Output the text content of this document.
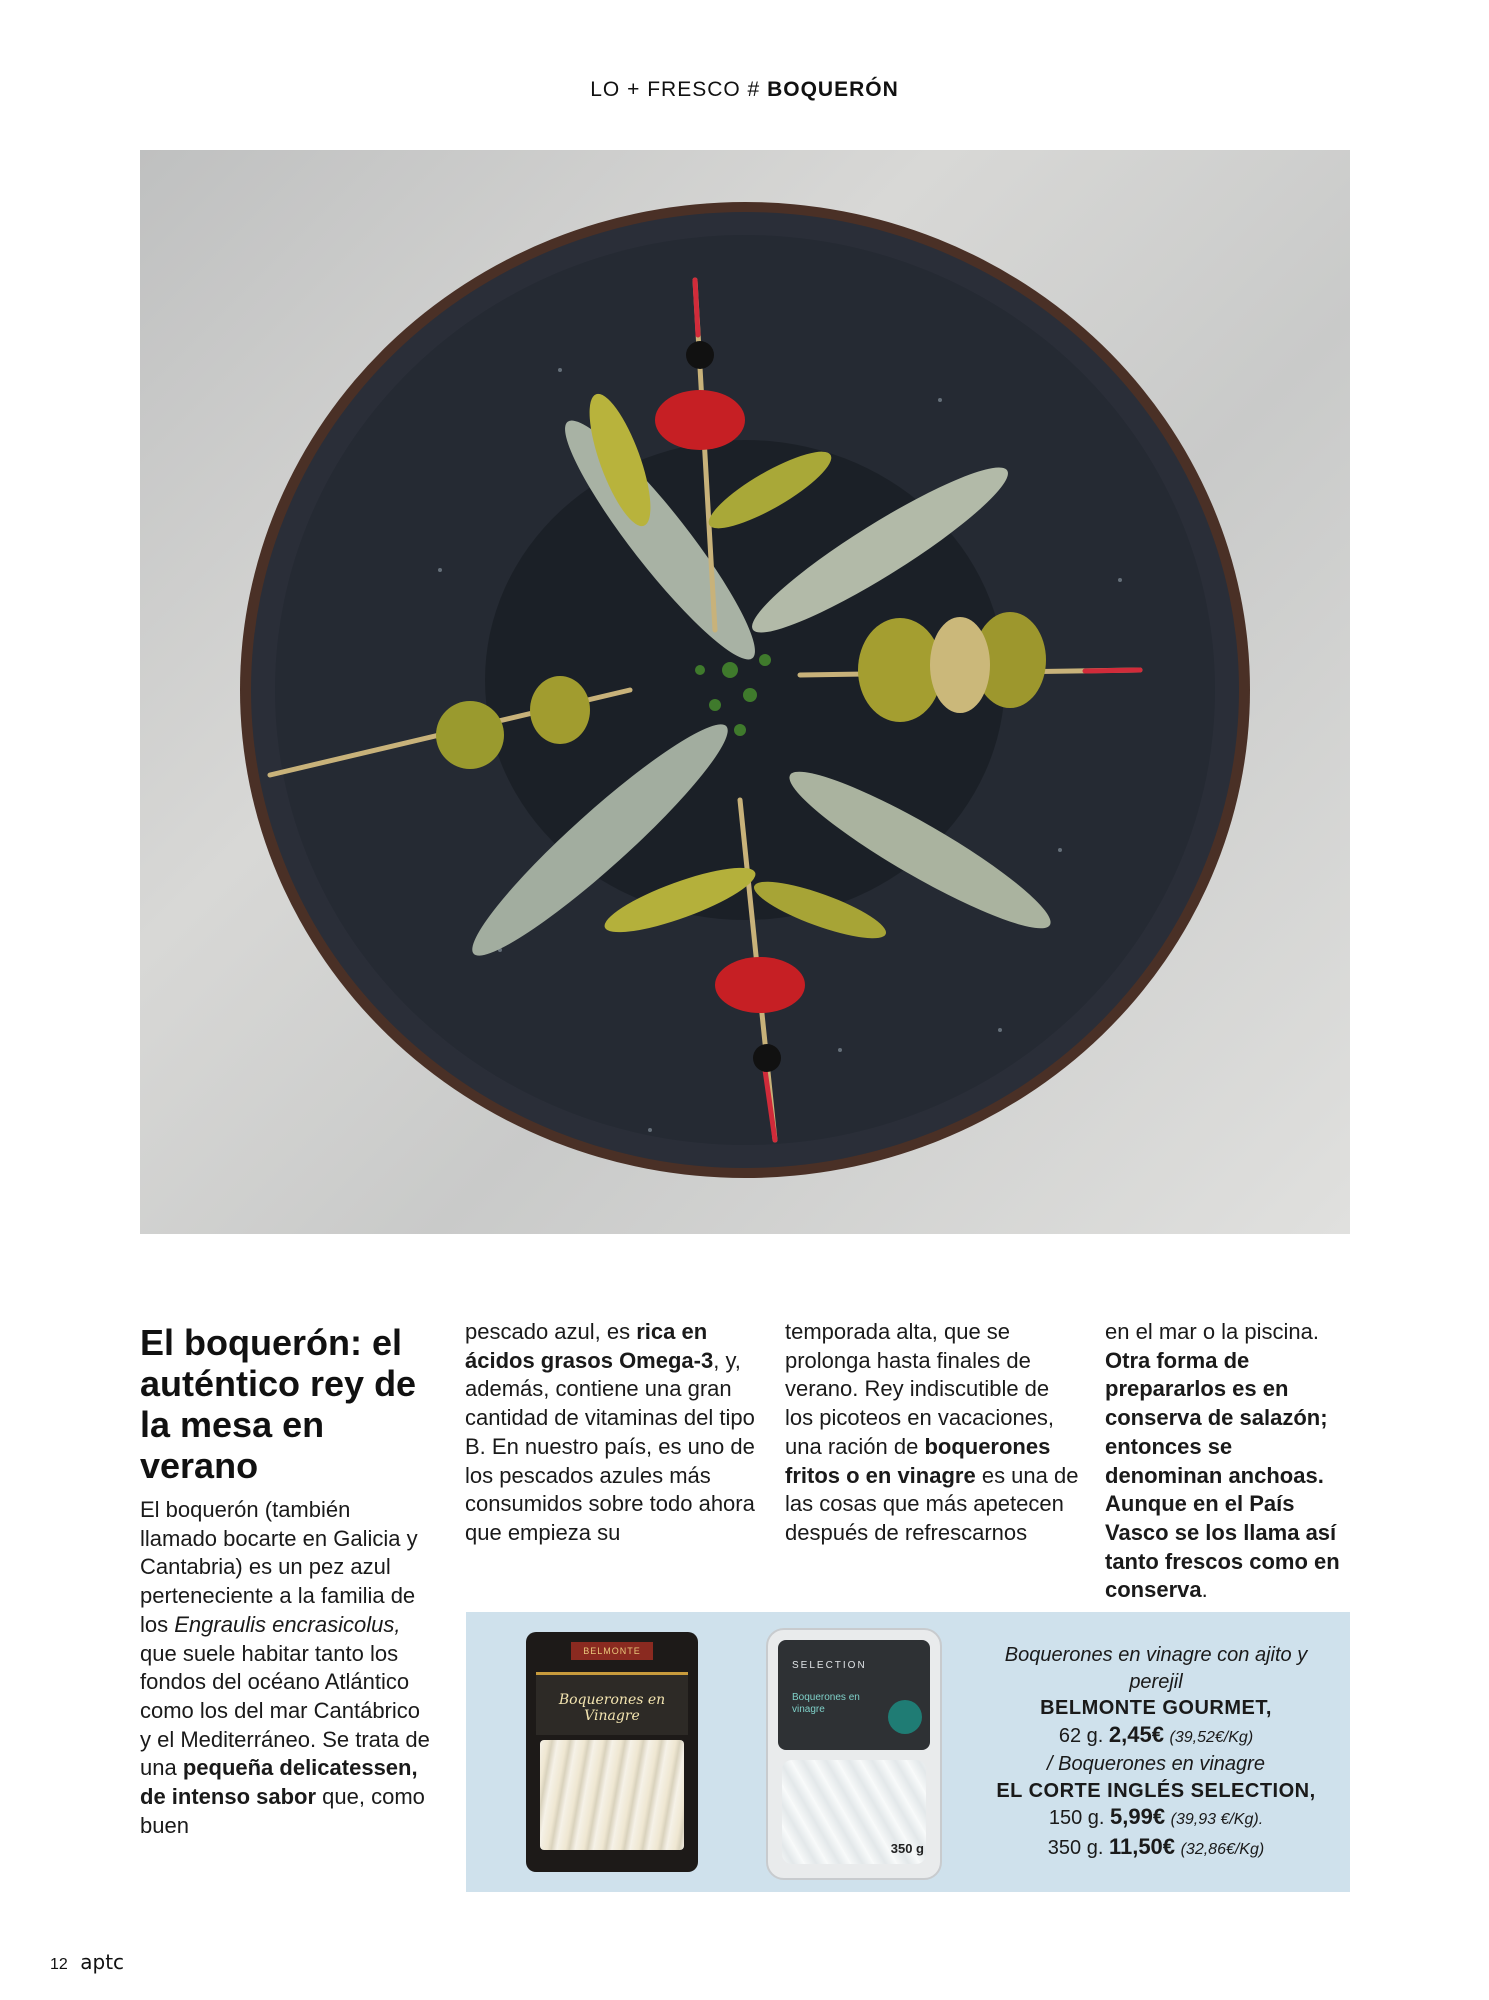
LO + FRESCO # BOQUERÓN
El boquerón: el auténtico rey de la mesa en verano

El boquerón (también llamado bocarte en Galicia y Cantabria) es un pez azul perteneciente a la familia de los Engraulis encrasicolus, que suele habitar tanto los fondos del océano Atlántico como los del mar Cantábrico y el Mediterráneo. Se trata de una pequeña delicatessen, de intenso sabor que, como buen

pescado azul, es rica en ácidos grasos Omega-3, y, además, contiene una gran cantidad de vitaminas del tipo B. En nuestro país, es uno de los pescados azules más consumidos sobre todo ahora que empieza su

temporada alta, que se prolonga hasta finales de verano. Rey indiscutible de los picoteos en vacaciones, una ración de boquerones fritos o en vinagre es una de las cosas que más apetecen después de refrescarnos

en el mar o la piscina. Otra forma de prepararlos es en conserva de salazón; entonces se denominan anchoas. Aunque en el País Vasco se los llama así tanto frescos como en conserva.

BELMONTE
Boquerones en Vinagre
SELECTION
Boquerones en vinagre
350 g
Boquerones en vinagre con ajito y perejil
BELMONTE GOURMET,
62 g. 2,45€ (39,52€/Kg)
/ Boquerones en vinagre
EL CORTE INGLÉS SELECTION,
150 g. 5,99€ (39,93 €/Kg).
350 g. 11,50€ (32,86€/Kg)
12 aptc
